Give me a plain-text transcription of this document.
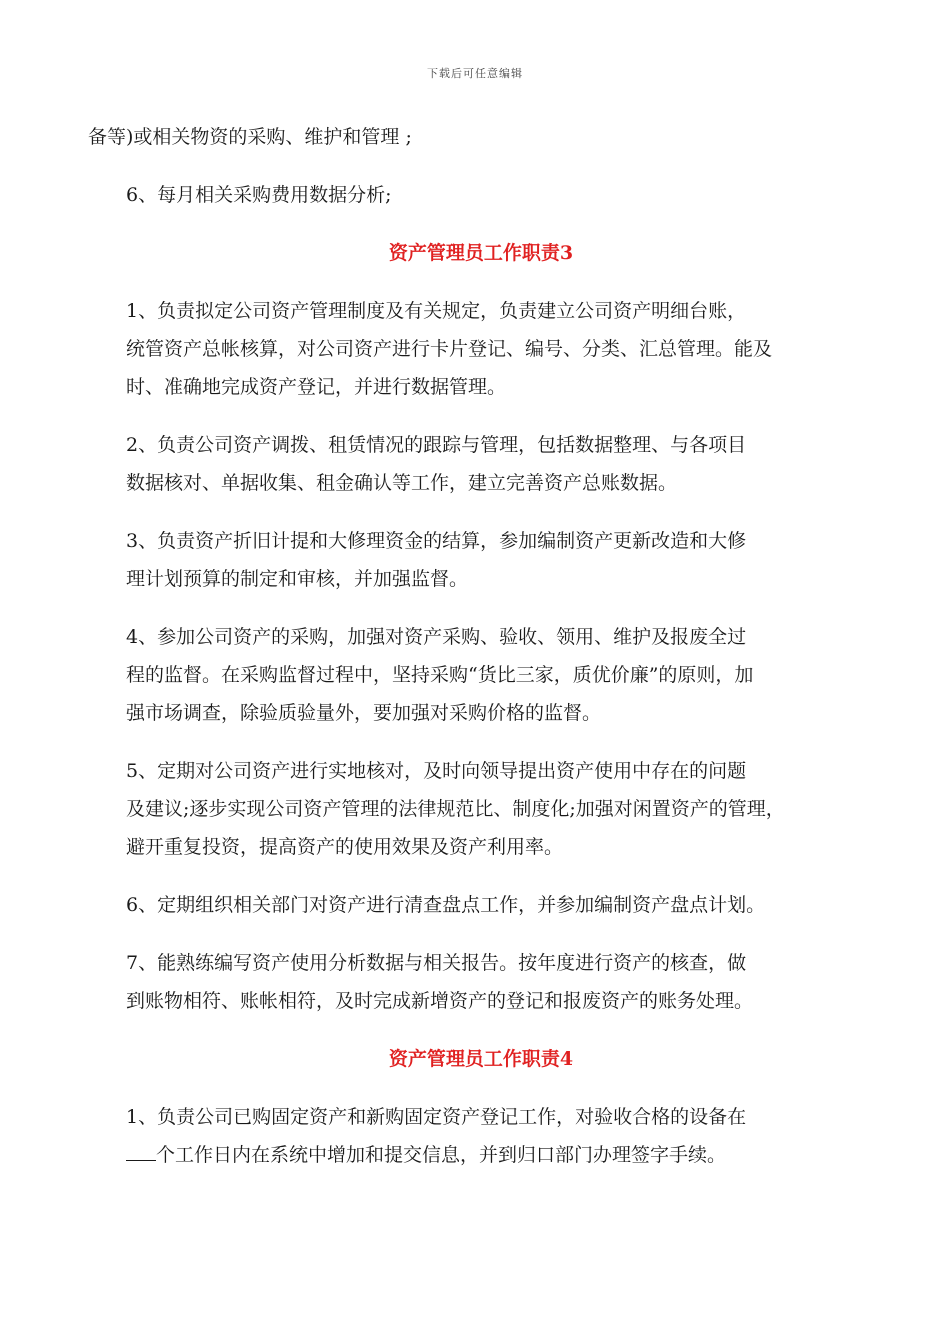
下载后可任意编辑

备等)或相关物资的采购、维护和管理 ;

6、每月相关采购费用数据分析;

资产管理员工作职责3

1、负责拟定公司资产管理制度及有关规定，负责建立公司资产明细台账，
统管资产总帐核算，对公司资产进行卡片登记、编号、分类、汇总管理。能及
时、准确地完成资产登记，并进行数据管理。

2、负责公司资产调拨、租赁情况的跟踪与管理，包括数据整理、与各项目
数据核对、单据收集、租金确认等工作，建立完善资产总账数据。

3、负责资产折旧计提和大修理资金的结算，参加编制资产更新改造和大修
理计划预算的制定和审核，并加强监督。

4、参加公司资产的采购，加强对资产采购、验收、领用、维护及报废全过
程的监督。在采购监督过程中，坚持采购“货比三家，质优价廉”的原则，加
强市场调查，除验质验量外，要加强对采购价格的监督。

5、定期对公司资产进行实地核对，及时向领导提出资产使用中存在的问题
及建议;逐步实现公司资产管理的法律规范比、制度化;加强对闲置资产的管理，
避开重复投资，提高资产的使用效果及资产利用率。

6、定期组织相关部门对资产进行清查盘点工作，并参加编制资产盘点计划。

7、能熟练编写资产使用分析数据与相关报告。按年度进行资产的核查，做
到账物相符、账帐相符，及时完成新增资产的登记和报废资产的账务处理。

资产管理员工作职责4

1、负责公司已购固定资产和新购固定资产登记工作，对验收合格的设备在
个工作日内在系统中增加和提交信息，并到归口部门办理签字手续。
